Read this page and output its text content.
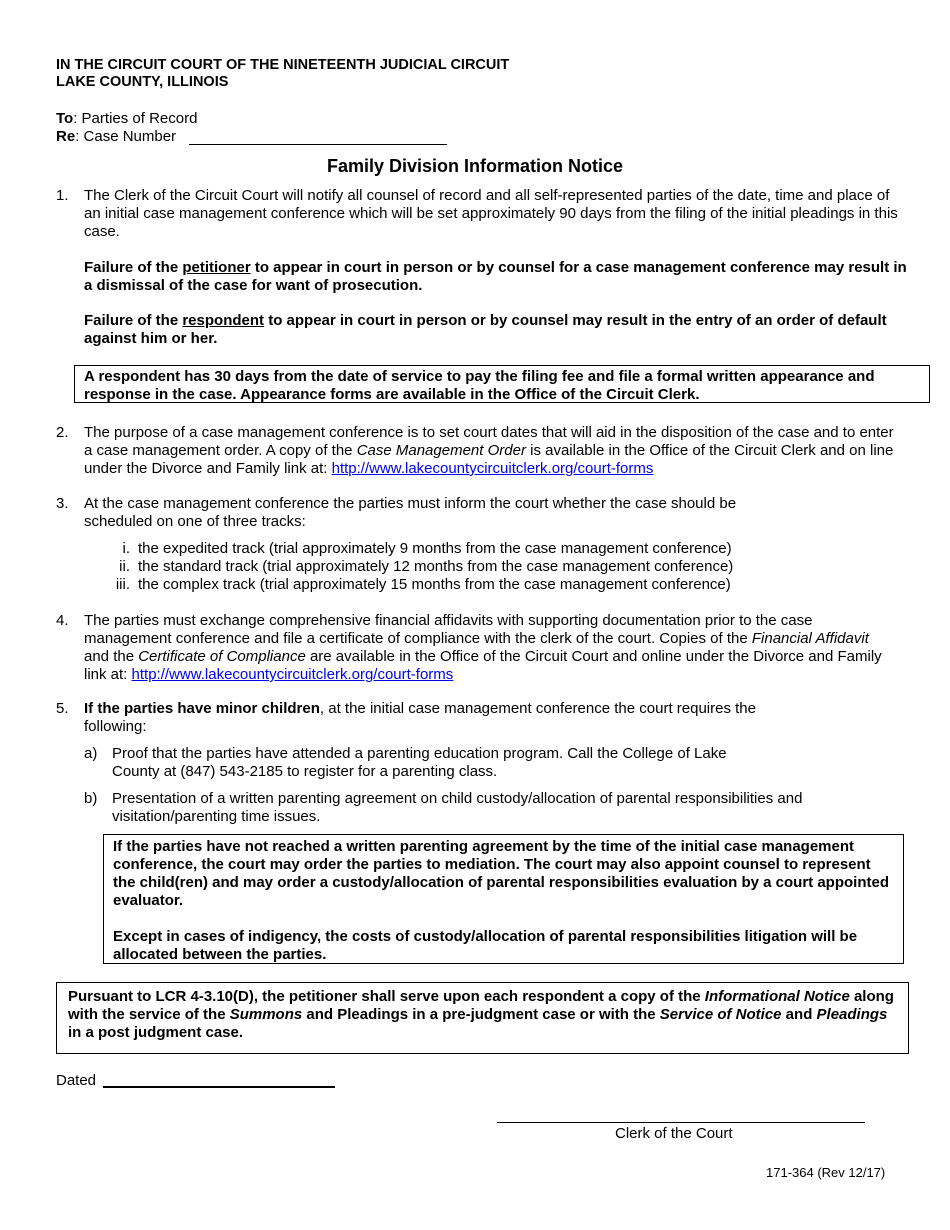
IN THE CIRCUIT COURT OF THE NINETEENTH JUDICIAL CIRCUIT
LAKE COUNTY, ILLINOIS
To: Parties of Record
Re: Case Number
Family Division Information Notice
1.	The Clerk of the Circuit Court will notify all counsel of record and all self-represented parties of the date, time and place of an initial case management conference which will be set approximately 90 days from the filing of the initial pleadings in this case.
Failure of the petitioner to appear in court in person or by counsel for a case management conference may result in a dismissal of the case for want of prosecution.
Failure of the respondent to appear in court in person or by counsel may result in the entry of an order of default against him or her.
A respondent has 30 days from the date of service to pay the filing fee and file a formal written appearance and response in the case. Appearance forms are available in the Office of the Circuit Clerk.
2.	The purpose of a case management conference is to set court dates that will aid in the disposition of the case and to enter a case management order. A copy of the Case Management Order is available in the Office of the Circuit Clerk and on line under the Divorce and Family link at: http://www.lakecountycircuitclerk.org/court-forms
3.	At the case management conference the parties must inform the court whether the case should be scheduled on one of three tracks:
i. the expedited track (trial approximately 9 months from the case management conference)
ii. the standard track (trial approximately 12 months from the case management conference)
iii. the complex track (trial approximately 15 months from the case management conference)
4.	The parties must exchange comprehensive financial affidavits with supporting documentation prior to the case management conference and file a certificate of compliance with the clerk of the court. Copies of the Financial Affidavit and the Certificate of Compliance are available in the Office of the Circuit Court and online under the Divorce and Family link at: http://www.lakecountycircuitclerk.org/court-forms
5.	If the parties have minor children, at the initial case management conference the court requires the following:
a) Proof that the parties have attended a parenting education program. Call the College of Lake County at (847) 543-2185 to register for a parenting class.
b) Presentation of a written parenting agreement on child custody/allocation of parental responsibilities and visitation/parenting time issues.
If the parties have not reached a written parenting agreement by the time of the initial case management conference, the court may order the parties to mediation. The court may also appoint counsel to represent the child(ren) and may order a custody/allocation of parental responsibilities evaluation by a court appointed evaluator.
Except in cases of indigency, the costs of custody/allocation of parental responsibilities litigation will be allocated between the parties.
Pursuant to LCR 4-3.10(D), the petitioner shall serve upon each respondent a copy of the Informational Notice along with the service of the Summons and Pleadings in a pre-judgment case or with the Service of Notice and Pleadings in a post judgment case.
Dated
Clerk of the Court
171-364 (Rev 12/17)
